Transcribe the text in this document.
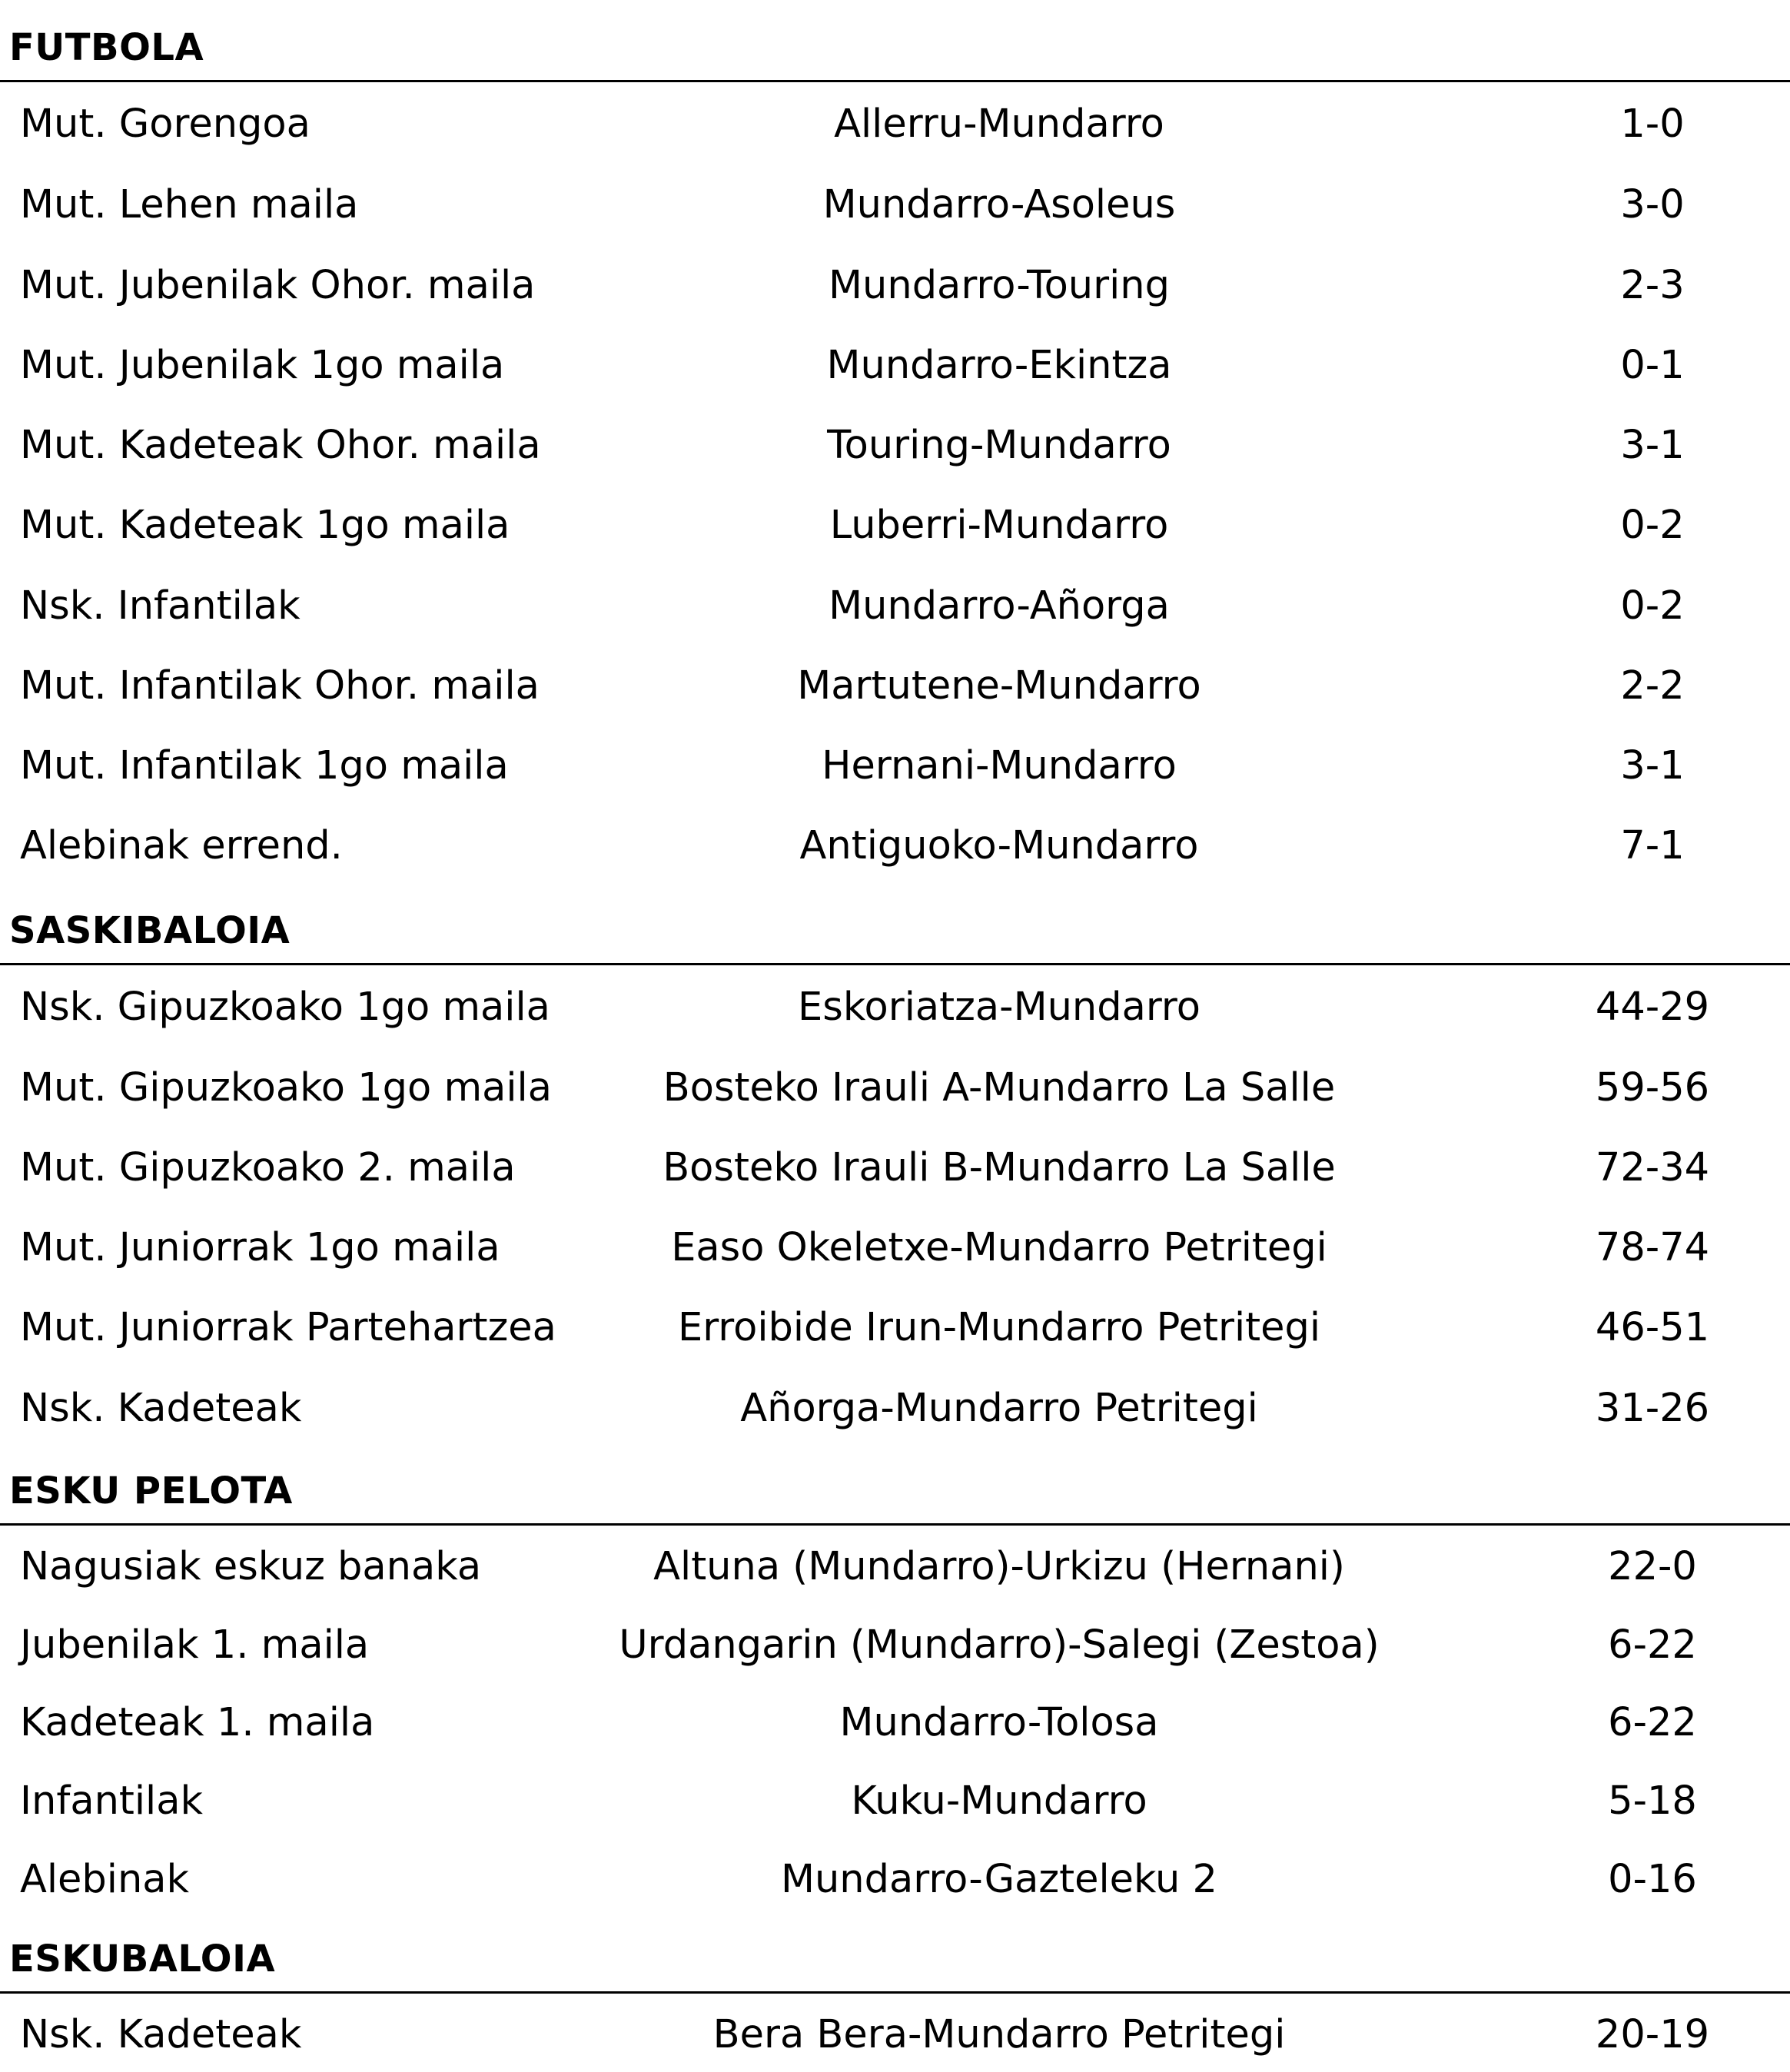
FUTBOLA
Mut. Gorengoa	Allerru-Mundarro	1-0
Mut. Lehen maila	Mundarro-Asoleus	3-0
Mut. Jubenilak Ohor. maila	Mundarro-Touring	2-3
Mut. Jubenilak 1go maila	Mundarro-Ekintza	0-1
Mut. Kadeteak Ohor. maila	Touring-Mundarro	3-1
Mut. Kadeteak 1go maila	Luberri-Mundarro	0-2
Nsk. Infantilak	Mundarro-Añorga	0-2
Mut. Infantilak Ohor. maila	Martutene-Mundarro	2-2
Mut. Infantilak 1go maila	Hernani-Mundarro	3-1
Alebinak errend.	Antiguoko-Mundarro	7-1
SASKIBALOIA
Nsk. Gipuzkoako 1go maila	Eskoriatza-Mundarro	44-29
Mut. Gipuzkoako 1go maila	Bosteko Irauli A-Mundarro La Salle	59-56
Mut. Gipuzkoako 2. maila	Bosteko Irauli B-Mundarro La Salle	72-34
Mut. Juniorrak 1go maila	Easo Okeletxe-Mundarro Petritegi	78-74
Mut. Juniorrak Partehartzea	Erroibide Irun-Mundarro Petritegi	46-51
Nsk. Kadeteak	Añorga-Mundarro Petritegi	31-26
ESKU PELOTA
Nagusiak eskuz banaka	Altuna (Mundarro)-Urkizu (Hernani)	22-0
Jubenilak 1. maila	Urdangarin (Mundarro)-Salegi (Zestoa)	6-22
Kadeteak 1. maila	Mundarro-Tolosa	6-22
Infantilak	Kuku-Mundarro	5-18
Alebinak	Mundarro-Gazteleku 2	0-16
ESKUBALOIA
Nsk. Kadeteak	Bera Bera-Mundarro Petritegi	20-19
